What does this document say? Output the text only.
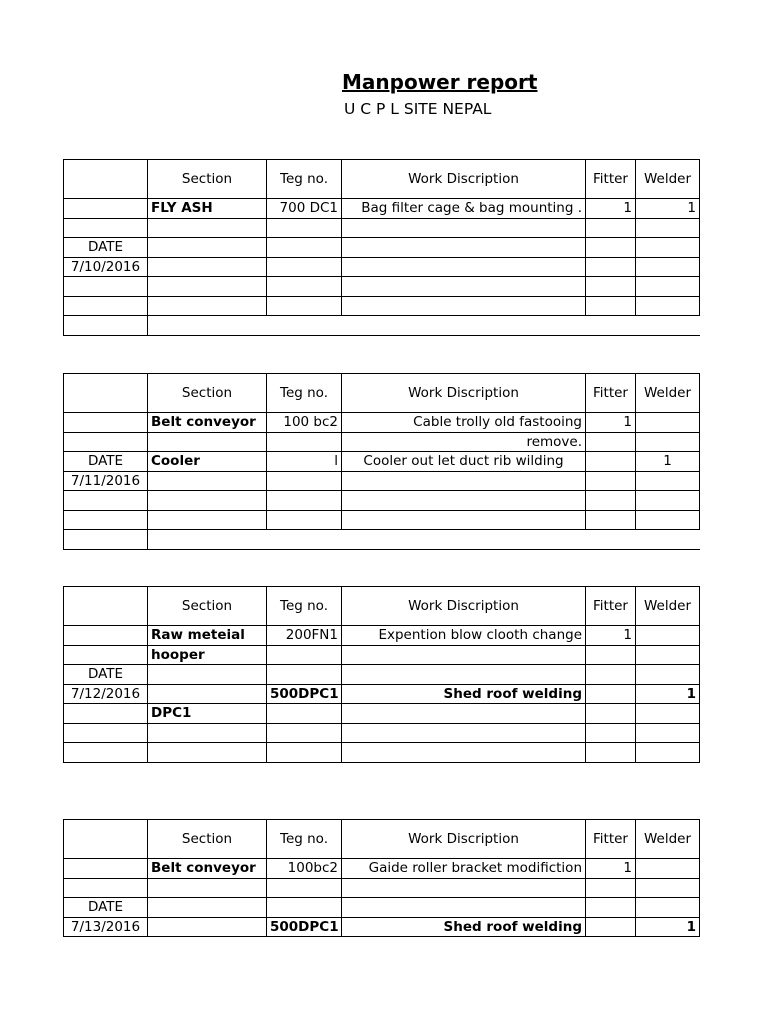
Manpower report
U C P L SITE NEPAL
	Section	Teg no.	Work Discription	Fitter	Welder
	FLY ASH	700 DC1	Bag filter cage & bag mounting .	1	1

DATE					
7/10/2016					

	Section	Teg no.	Work Discription	Fitter	Welder
	Belt conveyor	100 bc2	Cable trolly old fastooing	1	
			remove.		
DATE	Cooler	l	Cooler out let duct rib wilding		1
7/11/2016					

	Section	Teg no.	Work Discription	Fitter	Welder
	Raw meteial	200FN1	Expention blow clooth change	1	
	hooper				
DATE					
7/12/2016		500DPC1	Shed roof welding		1
	DPC1				

	Section	Teg no.	Work Discription	Fitter	Welder
	Belt conveyor	100bc2	Gaide roller bracket modifiction	1	

DATE					
7/13/2016		500DPC1	Shed roof welding		1
